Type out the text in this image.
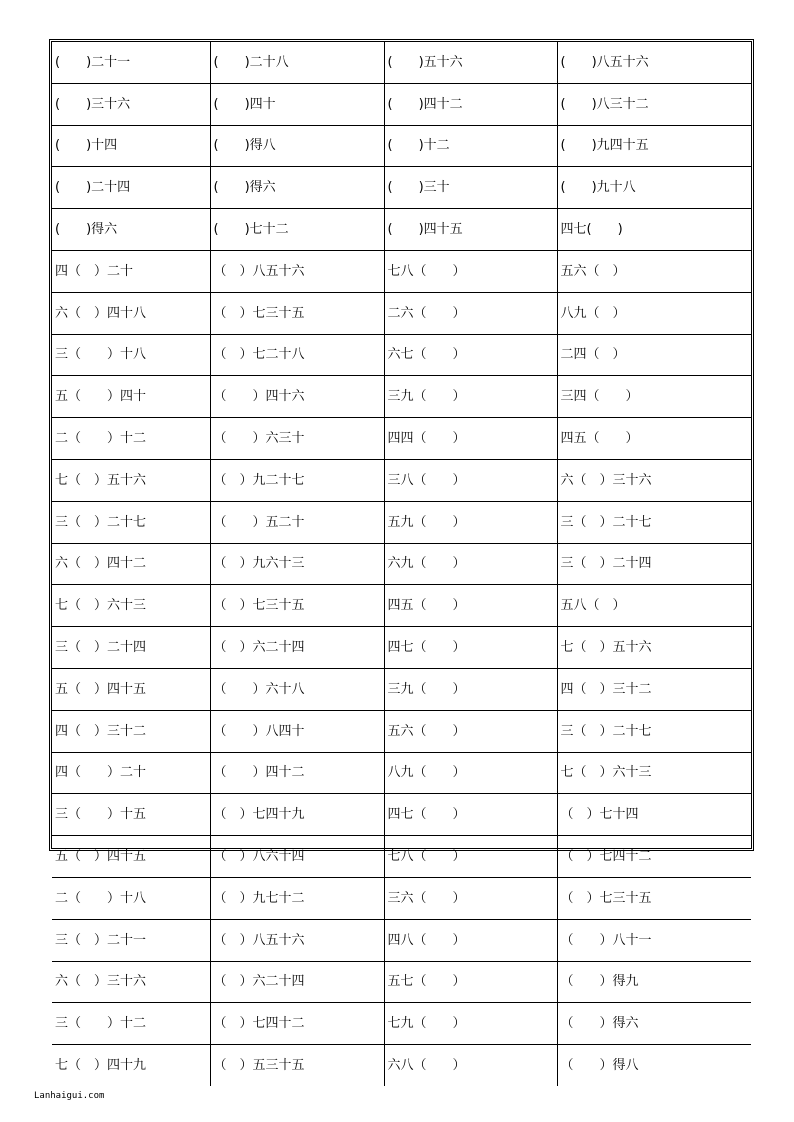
(　　)二十一	(　　)二十八	(　　)五十六	(　　)八五十六
(　　)三十六	(　　)四十	(　　)四十二	(　　)八三十二
(　　)十四	(　　)得八	(　　)十二	(　　)九四十五
(　　)二十四	(　　)得六	(　　)三十	(　　)九十八
(　　)得六	(　　)七十二	(　　)四十五	四七(　　)
四（　）二十	（　）八五十六	七八（　　）	五六（　）
六（　）四十八	（　）七三十五	二六（　　）	八九（　）
三（　　）十八	（　）七二十八	六七（　　）	二四（　）
五（　　）四十	（　　）四十六	三九（　　）	三四（　　）
二（　　）十二	（　　）六三十	四四（　　）	四五（　　）
七（　）五十六	（　）九二十七	三八（　　）	六（　）三十六
三（　）二十七	（　　）五二十	五九（　　）	三（　）二十七
六（　）四十二	（　）九六十三	六九（　　）	三（　）二十四
七（　）六十三	（　）七三十五	四五（　　）	五八（　）
三（　）二十四	（　）六二十四	四七（　　）	七（　）五十六
五（　）四十五	（　　）六十八	三九（　　）	四（　）三十二
四（　）三十二	（　　）八四十	五六（　　）	三（　）二十七
四（　　）二十	（　　）四十二	八九（　　）	七（　）六十三
三（　　）十五	（　）七四十九	四七（　　）	（　）七十四
五（　）四十五	（　）八六十四	七八（　　）	（　）七四十二
二（　　）十八	（　）九七十二	三六（　　）	（　）七三十五
三（　）二十一	（　）八五十六	四八（　　）	（　　）八十一
六（　）三十六	（　）六二十四	五七（　　）	（　　）得九
三（　　）十二	（　）七四十二	七九（　　）	（　　）得六
七（　）四十九	（　）五三十五	六八（　　）	（　　）得八
Lanhaigui.com
